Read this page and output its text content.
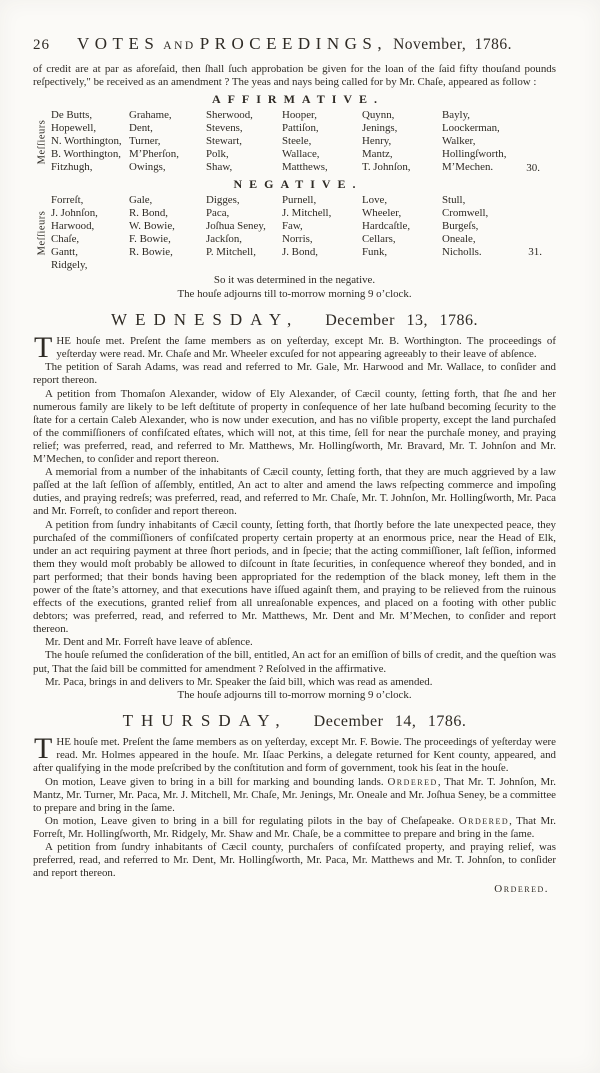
26 VOTES AND PROCEEDINGS, November, 1786.

of credit are at par as aforeſaid, then ſhall ſuch approbation be given for the loan of the ſaid fifty thouſand pounds reſpectively," be received as an amendment ? The yeas and nays being called for by Mr. Chaſe, appeared as follow :

AFFIRMATIVE.
Meſſieurs
De Butts,
Hopewell,
N. Worthington,
B. Worthington,
Fitzhugh,
Grahame,
Dent,
Turner,
M’Pherſon,
Owings,
Sherwood,
Stevens,
Stewart,
Polk,
Shaw,
Hooper,
Pattiſon,
Steele,
Wallace,
Matthews,
Quynn,
Jenings,
Henry,
Mantz,
T. Johnſon,
Bayly,
Loockerman,
Walker,
Hollingſworth,
M’Mechen.	30.
NEGATIVE.
Meſſieurs
Forreſt,
J. Johnſon,
Harwood,
Chaſe,
Gantt,
Ridgely,
Gale,
R. Bond,
W. Bowie,
F. Bowie,
R. Bowie,
Digges,
Paca,
Joſhua Seney,
Jackſon,
P. Mitchell,
Purnell,
J. Mitchell,
Faw,
Norris,
J. Bond,
Love,
Wheeler,
Hardcaſtle,
Cellars,
Funk,
Stull,
Cromwell,
Burgeſs,
Oneale,
Nicholls.	31.

So it was determined in the negative.

The houſe adjourns till to-morrow morning 9 o’clock.

WEDNESDAY, December 13, 1786.

THE houſe met. Preſent the ſame members as on yeſterday, except Mr. B. Worthington. The proceedings of yeſterday were read. Mr. Chaſe and Mr. Wheeler excuſed for not appearing agreeably to their leave of abſence.

The petition of Sarah Adams, was read and referred to Mr. Gale, Mr. Harwood and Mr. Wallace, to conſider and report thereon.

A petition from Thomaſon Alexander, widow of Ely Alexander, of Cæcil county, ſetting forth, that ſhe and her numerous family are likely to be left deſtitute of property in conſequence of her late huſband becoming ſecurity to the ſtate for a certain Caleb Alexander, who is now under execution, and has no viſible property, except the land purchaſed of the commiſſioners of confiſcated eſtates, which will not, at this time, ſell for near the purchaſe money, and praying relief; was preferred, read, and referred to Mr. Matthews, Mr. Hollingſworth, Mr. Bravard, Mr. T. Johnſon and Mr. M’Mechen, to conſider and report thereon.

A memorial from a number of the inhabitants of Cæcil county, ſetting forth, that they are much aggrieved by a law paſſed at the laſt ſeſſion of aſſembly, entitled, An act to alter and amend the laws reſpecting commerce and impoſing duties, and praying redreſs; was preferred, read, and referred to Mr. Chaſe, Mr. T. Johnſon, Mr. Hollingſworth, Mr. Paca and Mr. Forreſt, to conſider and report thereon.

A petition from ſundry inhabitants of Cæcil county, ſetting forth, that ſhortly before the late unexpected peace, they purchaſed of the commiſſioners of confiſcated property certain property at an enormous price, near the Head of Elk, under an act requiring payment at three ſhort periods, and in ſpecie; that the acting commiſſioner, laſt ſeſſion, informed them they would moſt probably be allowed to diſcount in ſtate ſecurities, in conſequence whereof they bonded, and in part performed; that their bonds having been appropriated for the redemption of the black money, left them in the power of the ſtate’s attorney, and that executions have iſſued againſt them, and praying to be relieved from the ruinous effects of the executions, granted relief from all unreaſonable expences, and placed on a footing with other public debtors; was preferred, read, and referred to Mr. Matthews, Mr. Dent and Mr. M’Mechen, to conſider and report thereon.

Mr. Dent and Mr. Forreſt have leave of abſence.

The houſe reſumed the conſideration of the bill, entitled, An act for an emiſſion of bills of credit, and the queſtion was put, That the ſaid bill be committed for amendment ? Reſolved in the affirmative.

Mr. Paca, brings in and delivers to Mr. Speaker the ſaid bill, which was read as amended.

The houſe adjourns till to-morrow morning 9 o’clock.

THURSDAY, December 14, 1786.

THE houſe met. Preſent the ſame members as on yeſterday, except Mr. F. Bowie. The proceedings of yeſterday were read. Mr. Holmes appeared in the houſe. Mr. Iſaac Perkins, a delegate returned for Kent county, appeared, and after qualifying in the mode preſcribed by the conſtitution and form of government, took his ſeat in the houſe.

On motion, Leave given to bring in a bill for marking and bounding lands. Ordered, That Mr. T. Johnſon, Mr. Mantz, Mr. Turner, Mr. Paca, Mr. J. Mitchell, Mr. Chaſe, Mr. Jenings, Mr. Oneale and Mr. Joſhua Seney, be a committee to prepare and bring in the ſame.

On motion, Leave given to bring in a bill for regulating pilots in the bay of Cheſapeake. Ordered, That Mr. Forreſt, Mr. Hollingſworth, Mr. Ridgely, Mr. Shaw and Mr. Chaſe, be a committee to prepare and bring in the ſame.

A petition from ſundry inhabitants of Cæcil county, purchaſers of confiſcated property, and praying relief, was preferred, read, and referred to Mr. Dent, Mr. Hollingſworth, Mr. Paca, Mr. Matthews and Mr. T. Johnſon, to conſider and report thereon.

Ordered.
